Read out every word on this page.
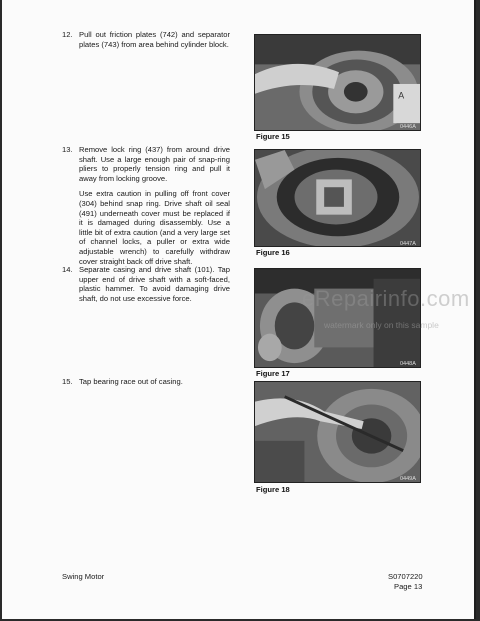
12. Pull out friction plates (742) and separator plates (743) from area behind cylinder block.

13. Remove lock ring (437) from around drive shaft. Use a large enough pair of snap-ring pliers to properly tension ring and pull it away from locking groove.

Use extra caution in pulling off front cover (304) behind snap ring. Drive shaft oil seal (491) underneath cover must be replaced if it is damaged during disassembly. Use a little bit of extra caution (and a very large set of channel locks, a puller or extra wide adjustable wrench) to carefully withdraw cover straight back off drive shaft.

14. Separate casing and drive shaft (101). Tap upper end of drive shaft with a soft-faced, plastic hammer. To avoid damaging drive shaft, do not use excessive force.

15. Tap bearing race out of casing.

A
0446A
Figure 15
0447A
Figure 16
0448A
Figure 17
0449A
Figure 18
eRepairinfo.com
watermark only on this sample
Swing Motor	S0707220
Page 13
